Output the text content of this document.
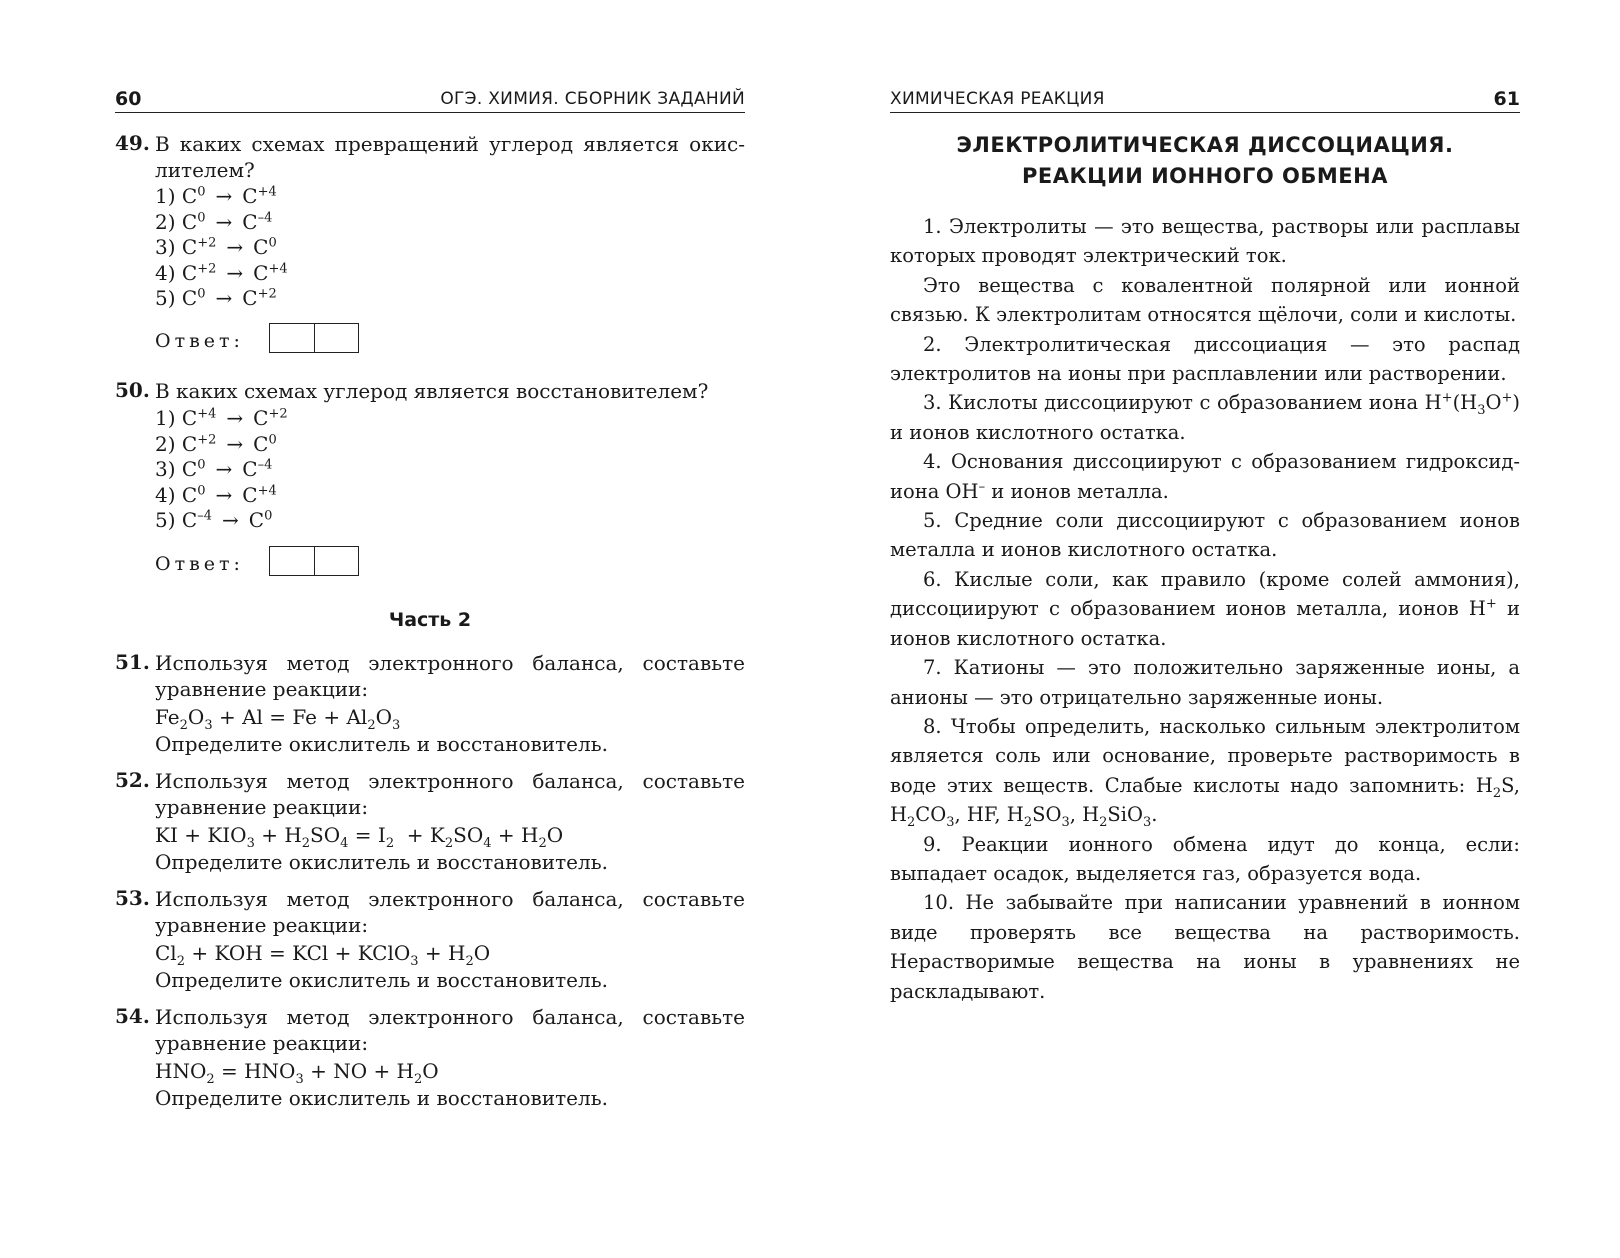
60	ОГЭ. ХИМИЯ. СБОРНИК ЗАДАНИЙ
49. В каких схемах превращений углерод является окис-
лителем?
1) $C^0 \to C^{+4}$
2) $C^0 \to C^{-4}$
3) $C^{+2} \to C^0$
4) $C^{+2} \to C^{+4}$
5) $C^0 \to C^{+2}$
Ответ:
50. В каких схемах углерод является восстановителем?
1) $C^{+4} \to C^{+2}$
2) $C^{+2} \to C^0$
3) $C^0 \to C^{-4}$
4) $C^0 \to C^{+4}$
5) $C^{-4} \to C^0$
Ответ:
Часть 2
51. Используя метод электронного баланса, составьте
уравнение реакции:
$Fe_2O_3 + Al = Fe + Al_2O_3$
Определите окислитель и восстановитель.
52. Используя метод электронного баланса, составьте
уравнение реакции:
KI + $KIO_3 + H_2SO_4 = I_2 + K_2SO_4 + H_2O$
Определите окислитель и восстановитель.
53. Используя метод электронного баланса, составьте
уравнение реакции:
$Cl_2$ + KOH = KCl + KClO$_3$ + $H_2O$
Определите окислитель и восстановитель.
54. Используя метод электронного баланса, составьте
уравнение реакции:
$HNO_2 = HNO_3$ + NO + $H_2O$
Определите окислитель и восстановитель.
ХИМИЧЕСКАЯ РЕАКЦИЯ	61
ЭЛЕКТРОЛИТИЧЕСКАЯ ДИССОЦИАЦИЯ.
РЕАКЦИИ ИОННОГО ОБМЕНА

1. Электролиты — это вещества, растворы или расплавы которых проводят электрический ток.

Это вещества с ковалентной полярной или ионной связью. К электролитам относятся щёлочи, соли и кислоты.

2. Электролитическая диссоциация — это распад электролитов на ионы при расплавлении или растворении.

3. Кислоты диссоциируют с образованием иона $H^+(H_3O^+)$ и ионов кислотного остатка.

4. Основания диссоциируют с образованием гидроксид-иона OH– и ионов металла.

5. Средние соли диссоциируют с образованием ионов металла и ионов кислотного остатка.

6. Кислые соли, как правило (кроме солей аммония), диссоциируют с образованием ионов металла, ионов H+ и ионов кислотного остатка.

7. Катионы — это положительно заряженные ионы, а анионы — это отрицательно заряженные ионы.

8. Чтобы определить, насколько сильным электролитом является соль или основание, проверьте растворимость в воде этих веществ. Слабые кислоты надо запомнить: $H_2S$, $H_2CO_3$, HF, $H_2SO_3$, $H_2SiO_3$.

9. Реакции ионного обмена идут до конца, если: выпадает осадок, выделяется газ, образуется вода.

10. Не забывайте при написании уравнений в ионном виде проверять все вещества на растворимость. Нерастворимые вещества на ионы в уравнениях не раскладывают.
